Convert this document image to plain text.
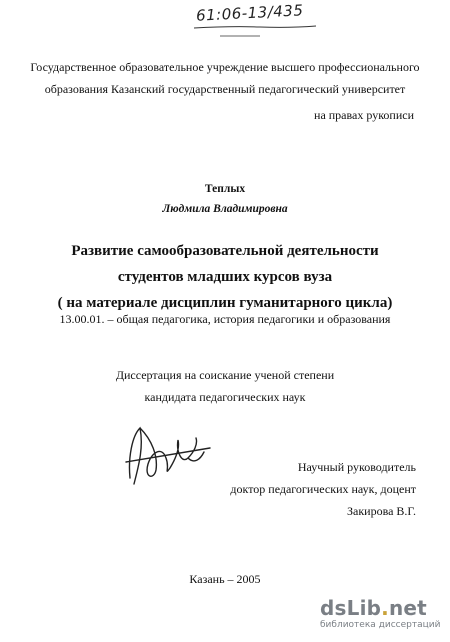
61:06-13/435
Государственное образовательное учреждение высшего профессионального
образования Казанский государственный педагогический университет
на правах рукописи
Теплых
Людмила Владимировна
Развитие самообразовательной деятельности
студентов младших курсов вуза
( на материале дисциплин гуманитарного цикла)
13.00.01. – общая педагогика, история педагогики и образования
Диссертация на соискание ученой степени
кандидата педагогических наук
Научный руководитель
доктор педагогических наук, доцент
Закирова В.Г.
Казань – 2005
dsLib.net
библиотека диссертаций
